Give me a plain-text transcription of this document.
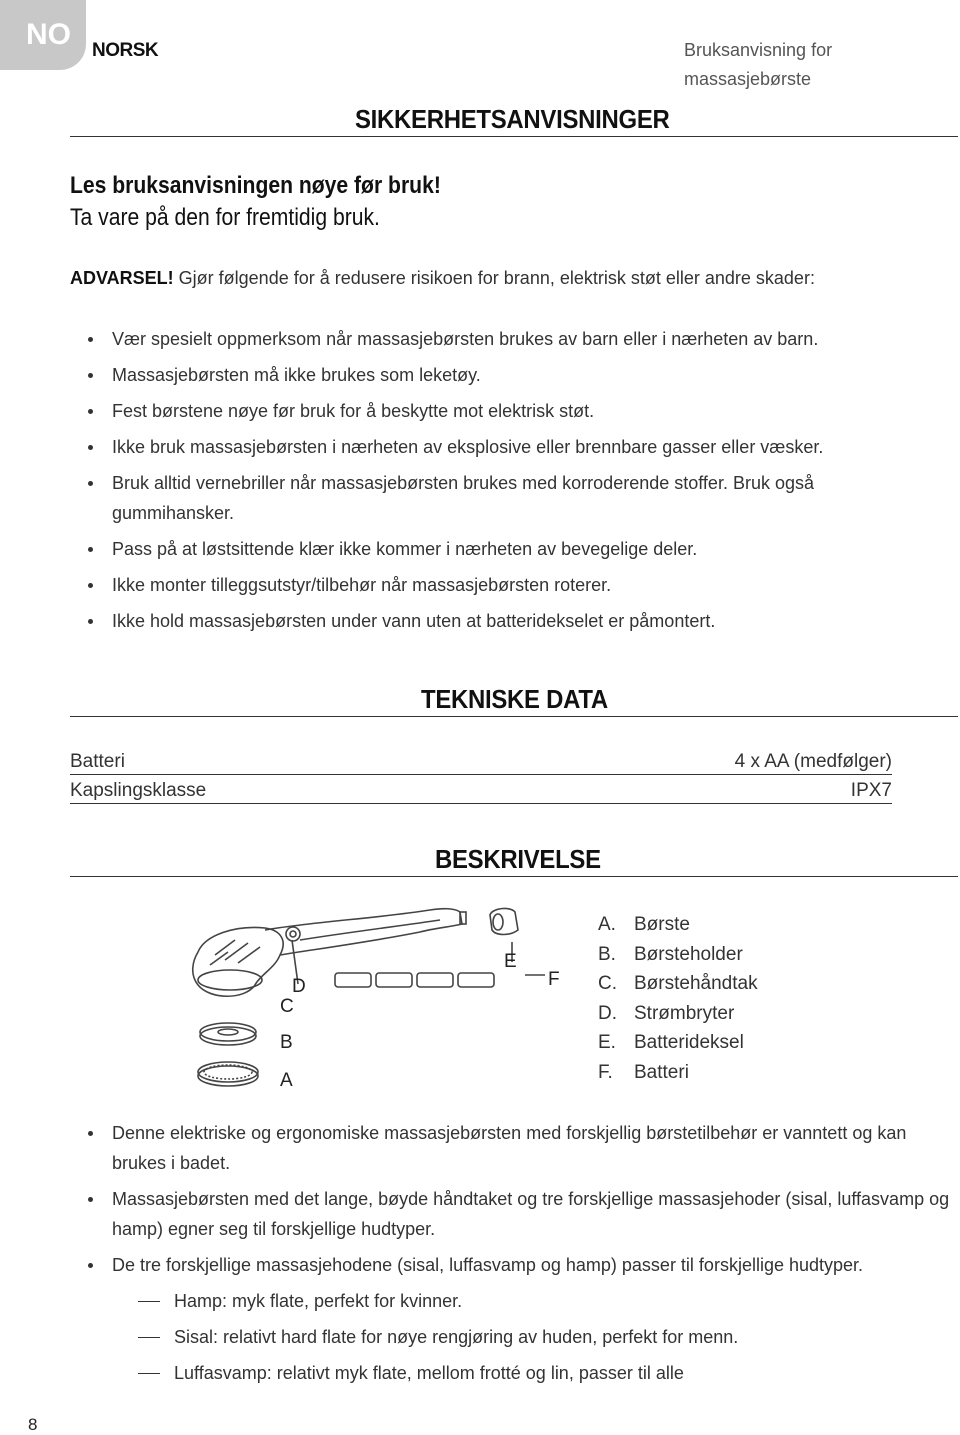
NO NORSK	Bruksanvisning for massasjebørste
SIKKERHETSANVISNINGER
Les bruksanvisningen nøye før bruk!
Ta vare på den for fremtidig bruk.
ADVARSEL! Gjør følgende for å redusere risikoen for brann, elektrisk støt eller andre skader:
Vær spesielt oppmerksom når massasjebørsten brukes av barn eller i nærheten av barn.
Massasjebørsten må ikke brukes som leketøy.
Fest børstene nøye før bruk for å beskytte mot elektrisk støt.
Ikke bruk massasjebørsten i nærheten av eksplosive eller brennbare gasser eller væsker.
Bruk alltid vernebriller når massasjebørsten brukes med korroderende stoffer. Bruk også gummihansker.
Pass på at løstsittende klær ikke kommer i nærheten av bevegelige deler.
Ikke monter tilleggsutstyr/tilbehør når massasjebørsten roterer.
Ikke hold massasjebørsten under vann uten at batteridekselet er påmontert.
TEKNISKE DATA
Batteri	4 x AA (medfølger)
Kapslingsklasse	IPX7
BESKRIVELSE
D
C
B
A
E
F
A. Børste
B. Børsteholder
C. Børstehåndtak
D. Strømbryter
E. Batterideksel
F.	Batteri
Denne elektriske og ergonomiske massasjebørsten med forskjellig børstetilbehør er vanntett og kan brukes i badet.
Massasjebørsten med det lange, bøyde håndtaket og tre forskjellige massasjehoder (sisal, luffasvamp og hamp) egner seg til forskjellige hudtyper.
De tre forskjellige massasjehodene (sisal, luffasvamp og hamp) passer til forskjellige hudtyper.
Hamp: myk flate, perfekt for kvinner.
Sisal: relativt hard flate for nøye rengjøring av huden, perfekt for menn.
Luffasvamp: relativt myk flate, mellom frotté og lin, passer til alle
8
